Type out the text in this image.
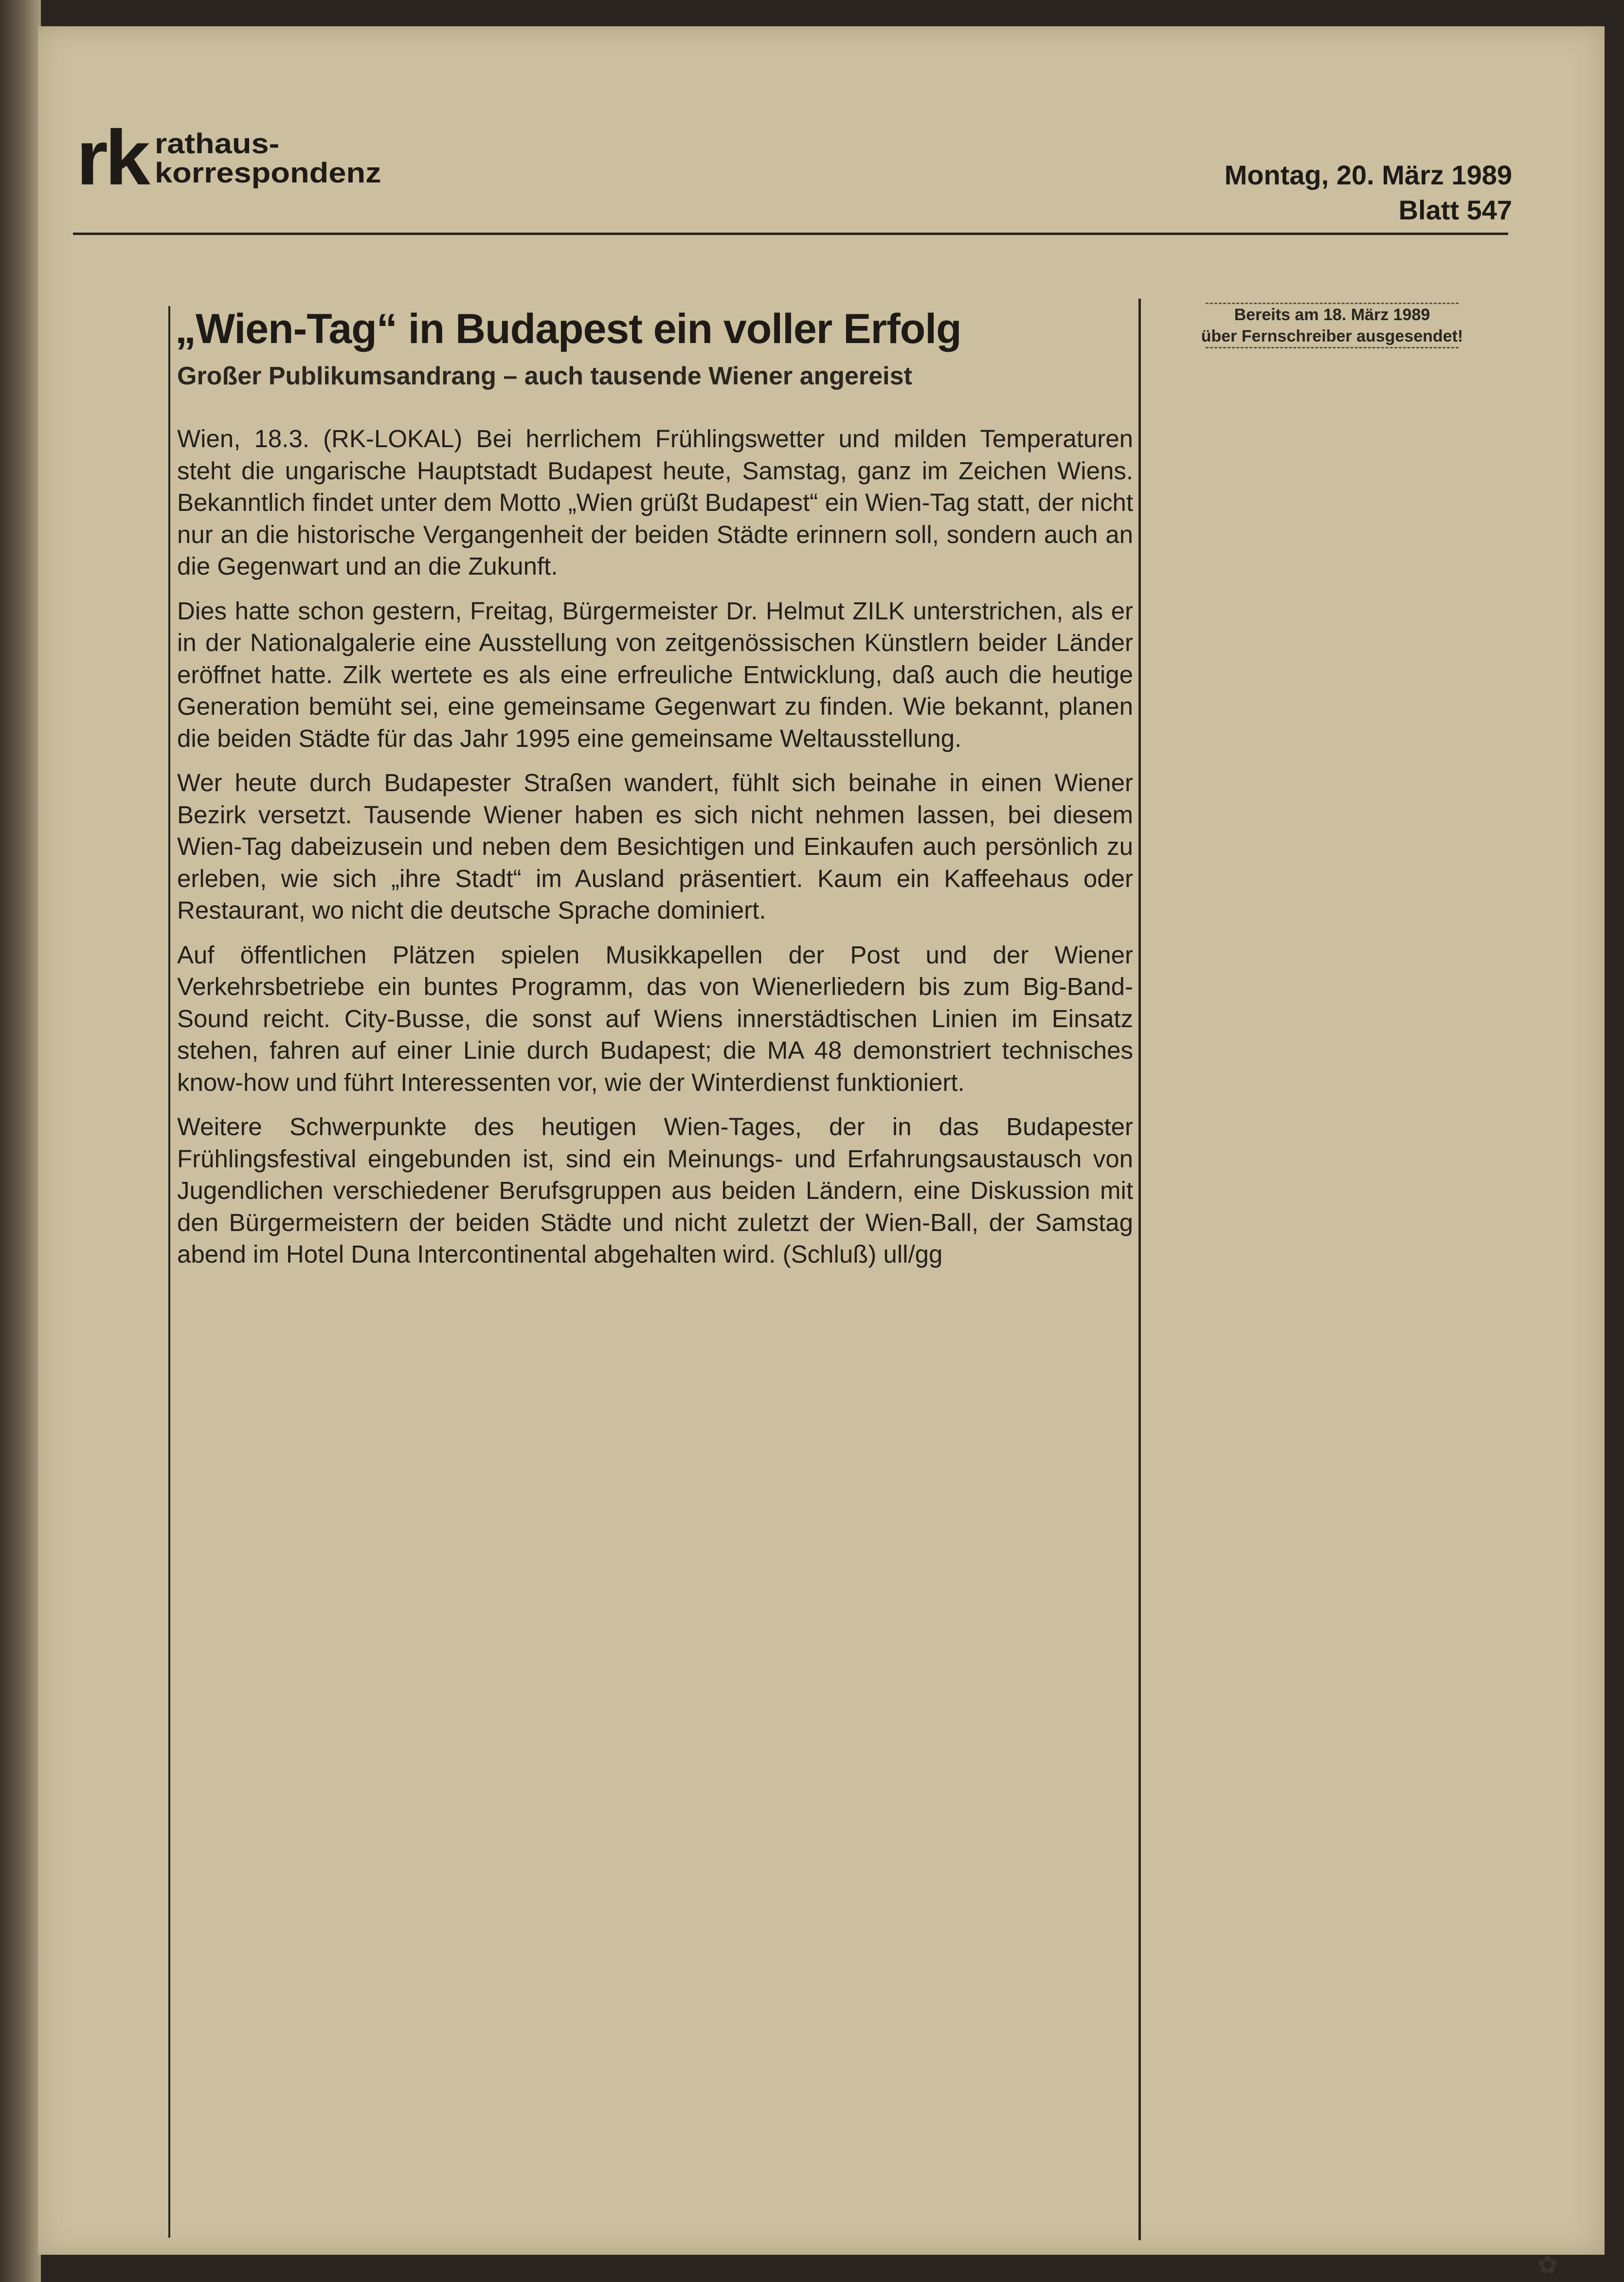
rk rathaus-
korrespondenz	Montag, 20. März 1989
Blatt 547
„Wien-Tag“ in Budapest ein voller Erfolg
Großer Publikumsandrang – auch tausende Wiener angereist

Wien, 18.3. (RK-LOKAL) Bei herrlichem Frühlingswetter und milden Temperaturen steht die ungarische Hauptstadt Budapest heute, Samstag, ganz im Zeichen Wiens. Bekanntlich findet unter dem Motto „Wien grüßt Budapest“ ein Wien-Tag statt, der nicht nur an die historische Vergangenheit der beiden Städte erinnern soll, sondern auch an die Gegenwart und an die Zukunft.

Dies hatte schon gestern, Freitag, Bürgermeister Dr. Helmut ZILK unterstrichen, als er in der Nationalgalerie eine Ausstellung von zeitgenössischen Künstlern beider Länder eröffnet hatte. Zilk wertete es als eine erfreuliche Entwicklung, daß auch die heutige Generation bemüht sei, eine gemeinsame Gegenwart zu finden. Wie bekannt, planen die beiden Städte für das Jahr 1995 eine gemeinsame Weltausstellung.

Wer heute durch Budapester Straßen wandert, fühlt sich beinahe in einen Wiener Bezirk versetzt. Tausende Wiener haben es sich nicht nehmen lassen, bei diesem Wien-Tag dabeizusein und neben dem Besichtigen und Einkaufen auch persönlich zu erleben, wie sich „ihre Stadt“ im Ausland präsentiert. Kaum ein Kaffeehaus oder Restaurant, wo nicht die deutsche Sprache dominiert.

Auf öffentlichen Plätzen spielen Musikkapellen der Post und der Wiener Verkehrsbetriebe ein buntes Programm, das von Wienerliedern bis zum Big-Band-Sound reicht. City-Busse, die sonst auf Wiens innerstädtischen Linien im Einsatz stehen, fahren auf einer Linie durch Budapest; die MA 48 demonstriert technisches know-how und führt Interessenten vor, wie der Winterdienst funktioniert.

Weitere Schwerpunkte des heutigen Wien-Tages, der in das Budapester Frühlingsfestival eingebunden ist, sind ein Meinungs- und Erfahrungsaustausch von Jugendlichen verschiedener Berufsgruppen aus beiden Ländern, eine Diskussion mit den Bürgermeistern der beiden Städte und nicht zuletzt der Wien-Ball, der Samstag abend im Hotel Duna Intercontinental abgehalten wird. (Schluß) ull/gg

Bereits am 18. März 1989
über Fernschreiber ausgesendet!
✿
